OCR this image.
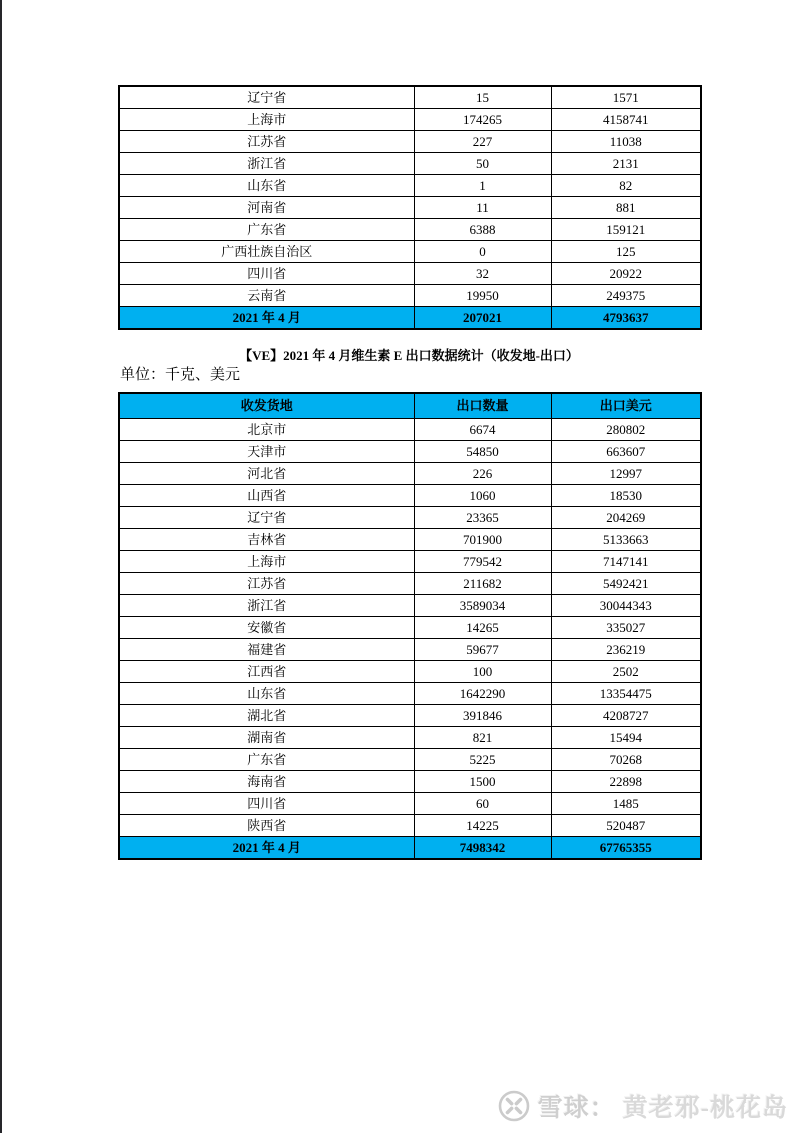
辽宁省	15	1571
上海市	174265	4158741
江苏省	227	11038
浙江省	50	2131
山东省	1	82
河南省	11	881
广东省	6388	159121
广西壮族自治区	0	125
四川省	32	20922
云南省	19950	249375
2021 年 4 月	207021	4793637
【VE】2021 年 4 月维生素 E 出口数据统计（收发地-出口）
单位：千克、美元
收发货地	出口数量	出口美元
北京市	6674	280802
天津市	54850	663607
河北省	226	12997
山西省	1060	18530
辽宁省	23365	204269
吉林省	701900	5133663
上海市	779542	7147141
江苏省	211682	5492421
浙江省	3589034	30044343
安徽省	14265	335027
福建省	59677	236219
江西省	100	2502
山东省	1642290	13354475
湖北省	391846	4208727
湖南省	821	15494
广东省	5225	70268
海南省	1500	22898
四川省	60	1485
陕西省	14225	520487
2021 年 4 月	7498342	67765355
雪球： 黄老邪-桃花岛
